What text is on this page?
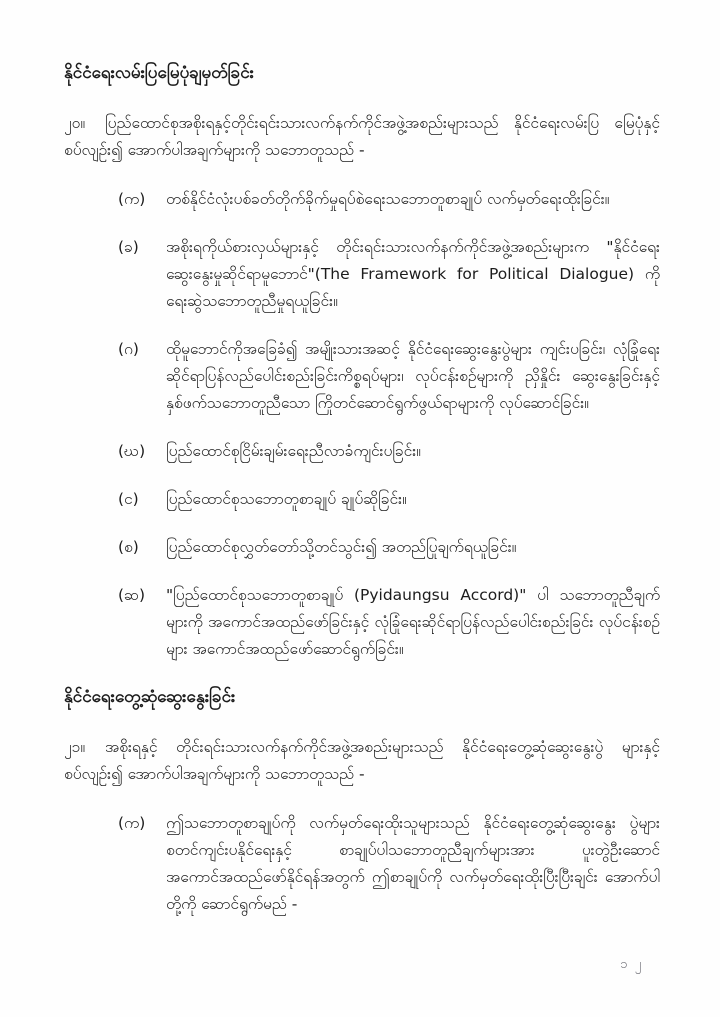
နိုင်ငံရေးလမ်းပြမြေပုံချမှတ်ခြင်း

၂၀။ ပြည်ထောင်စုအစိုးရနှင့်တိုင်းရင်းသားလက်နက်ကိုင်အဖွဲ့အစည်းများသည် နိုင်ငံရေးလမ်းပြ မြေပုံနှင့်စပ်လျဉ်း၍ အောက်ပါအချက်များကို သဘောတူသည် -

(က)	တစ်နိုင်ငံလုံးပစ်ခတ်တိုက်ခိုက်မှုရပ်စဲရေးသဘောတူစာချုပ် လက်မှတ်ရေးထိုးခြင်း။
(ခ)	အစိုးရကိုယ်စားလှယ်များနှင့် တိုင်းရင်းသားလက်နက်ကိုင်အဖွဲ့အစည်းများက "နိုင်ငံရေးဆွေးနွေးမှုဆိုင်ရာမူဘောင်"(The Framework for Political Dialogue) ကို ရေးဆွဲသဘောတူညီမှုရယူခြင်း။
(ဂ)	ထိုမူဘောင်ကိုအခြေခံ၍ အမျိုးသားအဆင့် နိုင်ငံရေးဆွေးနွေးပွဲများ ကျင်းပခြင်း၊ လုံခြုံရေးဆိုင်ရာပြန်လည်ပေါင်းစည်းခြင်းကိစ္စရပ်များ၊ လုပ်ငန်းစဉ်များကို ညှိနှိုင်း ဆွေးနွေးခြင်းနှင့် နှစ်ဖက်သဘောတူညီသော ကြိုတင်ဆောင်ရွက်ဖွယ်ရာများကို လုပ်ဆောင်ခြင်း။
(ဃ)	ပြည်ထောင်စုငြိမ်းချမ်းရေးညီလာခံကျင်းပခြင်း။
(င)	ပြည်ထောင်စုသဘောတူစာချုပ် ချုပ်ဆိုခြင်း။
(စ)	ပြည်ထောင်စုလွှတ်တော်သို့တင်သွင်း၍ အတည်ပြုချက်ရယူခြင်း။
(ဆ)	"ပြည်ထောင်စုသဘောတူစာချုပ် (Pyidaungsu Accord)" ပါ သဘောတူညီချက် များကို အကောင်အထည်ဖော်ခြင်းနှင့် လုံခြုံရေးဆိုင်ရာပြန်လည်ပေါင်းစည်းခြင်း လုပ်ငန်းစဉ်များ အကောင်အထည်ဖော်ဆောင်ရွက်ခြင်း။
နိုင်ငံရေးတွေ့ဆုံဆွေးနွေးခြင်း

၂၁။ အစိုးရနှင့် တိုင်းရင်းသားလက်နက်ကိုင်အဖွဲ့အစည်းများသည် နိုင်ငံရေးတွေ့ဆုံဆွေးနွေးပွဲ များနှင့်စပ်လျဉ်း၍ အောက်ပါအချက်များကို သဘောတူသည် -

(က)	ဤသဘောတူစာချုပ်ကို လက်မှတ်ရေးထိုးသူများသည် နိုင်ငံရေးတွေ့ဆုံဆွေးနွေး ပွဲများစတင်ကျင်းပနိုင်ရေးနှင့် စာချုပ်ပါသဘောတူညီချက်များအား ပူးတွဲဦးဆောင် အကောင်အထည်ဖော်နိုင်ရန်အတွက် ဤစာချုပ်ကို လက်မှတ်ရေးထိုးပြီးပြီးချင်း အောက်ပါတို့ကို ဆောင်ရွက်မည် -
၁၂
